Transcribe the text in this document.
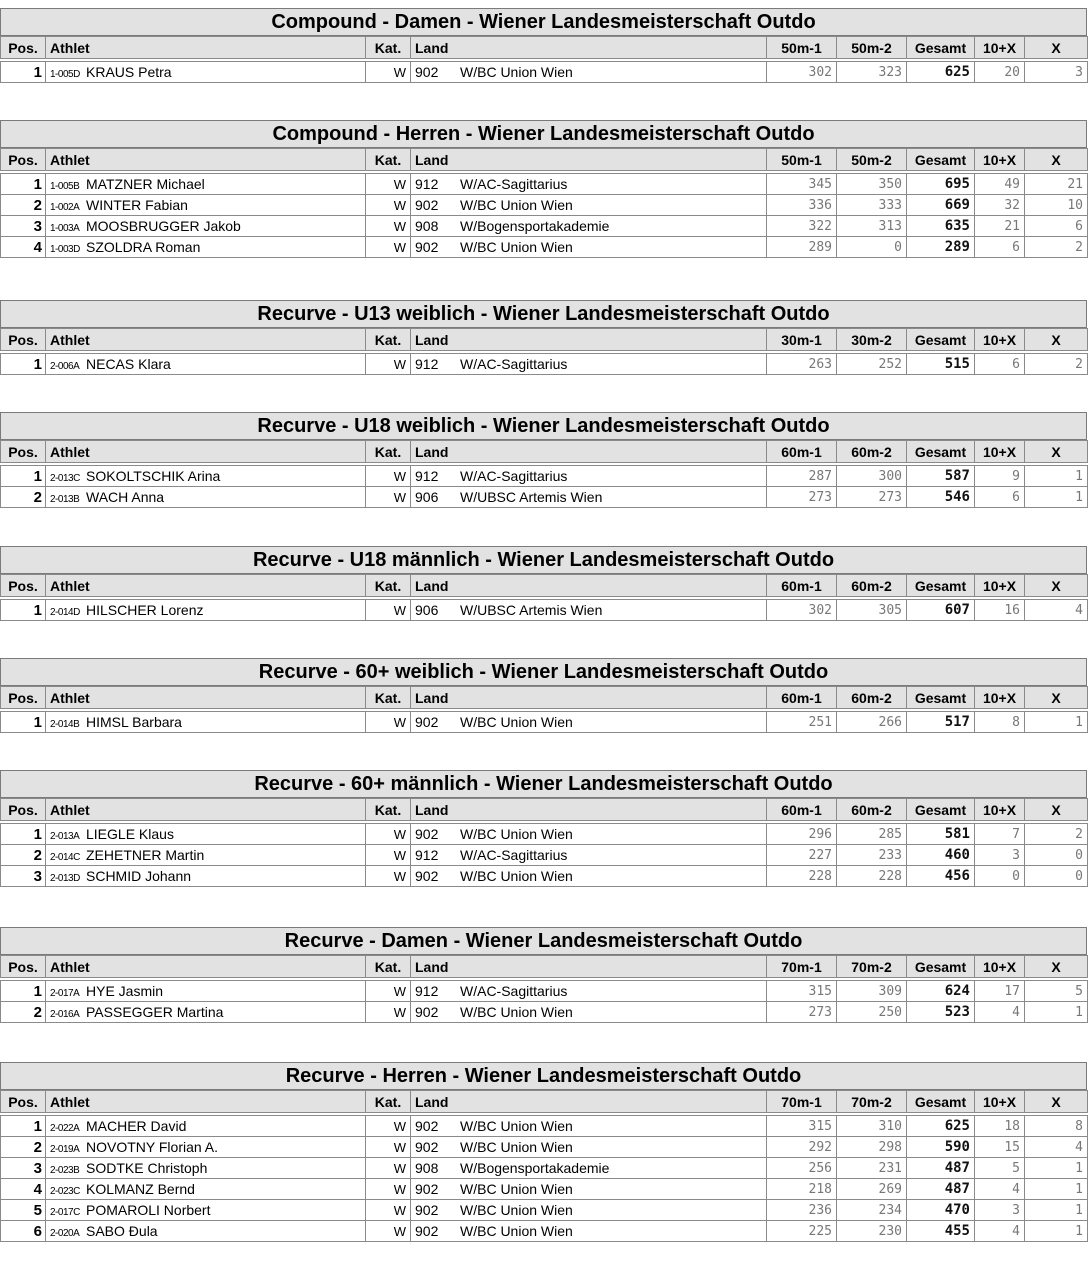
Compound - Damen - Wiener Landesmeisterschaft Outdo
Pos.	Athlet	Kat.	Land	50m-1	50m-2	Gesamt	10+X	X

1	1-005D KRAUS Petra	W	902 W/BC Union Wien	302	323	625	20	3
Compound - Herren - Wiener Landesmeisterschaft Outdo
Pos.	Athlet	Kat.	Land	50m-1	50m-2	Gesamt	10+X	X

1	1-005B MATZNER Michael	W	912 W/AC-Sagittarius	345	350	695	49	21
2	1-002A WINTER Fabian	W	902 W/BC Union Wien	336	333	669	32	10
3	1-003A MOOSBRUGGER Jakob	W	908 W/Bogensportakademie	322	313	635	21	6
4	1-003D SZOLDRA Roman	W	902 W/BC Union Wien	289	0	289	6	2
Recurve - U13 weiblich - Wiener Landesmeisterschaft Outdo
Pos.	Athlet	Kat.	Land	30m-1	30m-2	Gesamt	10+X	X

1	2-006A NECAS Klara	W	912 W/AC-Sagittarius	263	252	515	6	2
Recurve - U18 weiblich - Wiener Landesmeisterschaft Outdo
Pos.	Athlet	Kat.	Land	60m-1	60m-2	Gesamt	10+X	X

1	2-013C SOKOLTSCHIK Arina	W	912 W/AC-Sagittarius	287	300	587	9	1
2	2-013B WACH Anna	W	906 W/UBSC Artemis Wien	273	273	546	6	1
Recurve - U18 männlich - Wiener Landesmeisterschaft Outdo
Pos.	Athlet	Kat.	Land	60m-1	60m-2	Gesamt	10+X	X

1	2-014D HILSCHER Lorenz	W	906 W/UBSC Artemis Wien	302	305	607	16	4
Recurve - 60+ weiblich - Wiener Landesmeisterschaft Outdo
Pos.	Athlet	Kat.	Land	60m-1	60m-2	Gesamt	10+X	X

1	2-014B HIMSL Barbara	W	902 W/BC Union Wien	251	266	517	8	1
Recurve - 60+ männlich - Wiener Landesmeisterschaft Outdo
Pos.	Athlet	Kat.	Land	60m-1	60m-2	Gesamt	10+X	X

1	2-013A LIEGLE Klaus	W	902 W/BC Union Wien	296	285	581	7	2
2	2-014C ZEHETNER Martin	W	912 W/AC-Sagittarius	227	233	460	3	0
3	2-013D SCHMID Johann	W	902 W/BC Union Wien	228	228	456	0	0
Recurve - Damen - Wiener Landesmeisterschaft Outdo
Pos.	Athlet	Kat.	Land	70m-1	70m-2	Gesamt	10+X	X

1	2-017A HYE Jasmin	W	912 W/AC-Sagittarius	315	309	624	17	5
2	2-016A PASSEGGER Martina	W	902 W/BC Union Wien	273	250	523	4	1
Recurve - Herren - Wiener Landesmeisterschaft Outdo
Pos.	Athlet	Kat.	Land	70m-1	70m-2	Gesamt	10+X	X

1	2-022A MACHER David	W	902 W/BC Union Wien	315	310	625	18	8
2	2-019A NOVOTNY Florian A.	W	902 W/BC Union Wien	292	298	590	15	4
3	2-023B SODTKE Christoph	W	908 W/Bogensportakademie	256	231	487	5	1
4	2-023C KOLMANZ Bernd	W	902 W/BC Union Wien	218	269	487	4	1
5	2-017C POMAROLI Norbert	W	902 W/BC Union Wien	236	234	470	3	1
6	2-020A SABO Đula	W	902 W/BC Union Wien	225	230	455	4	1
